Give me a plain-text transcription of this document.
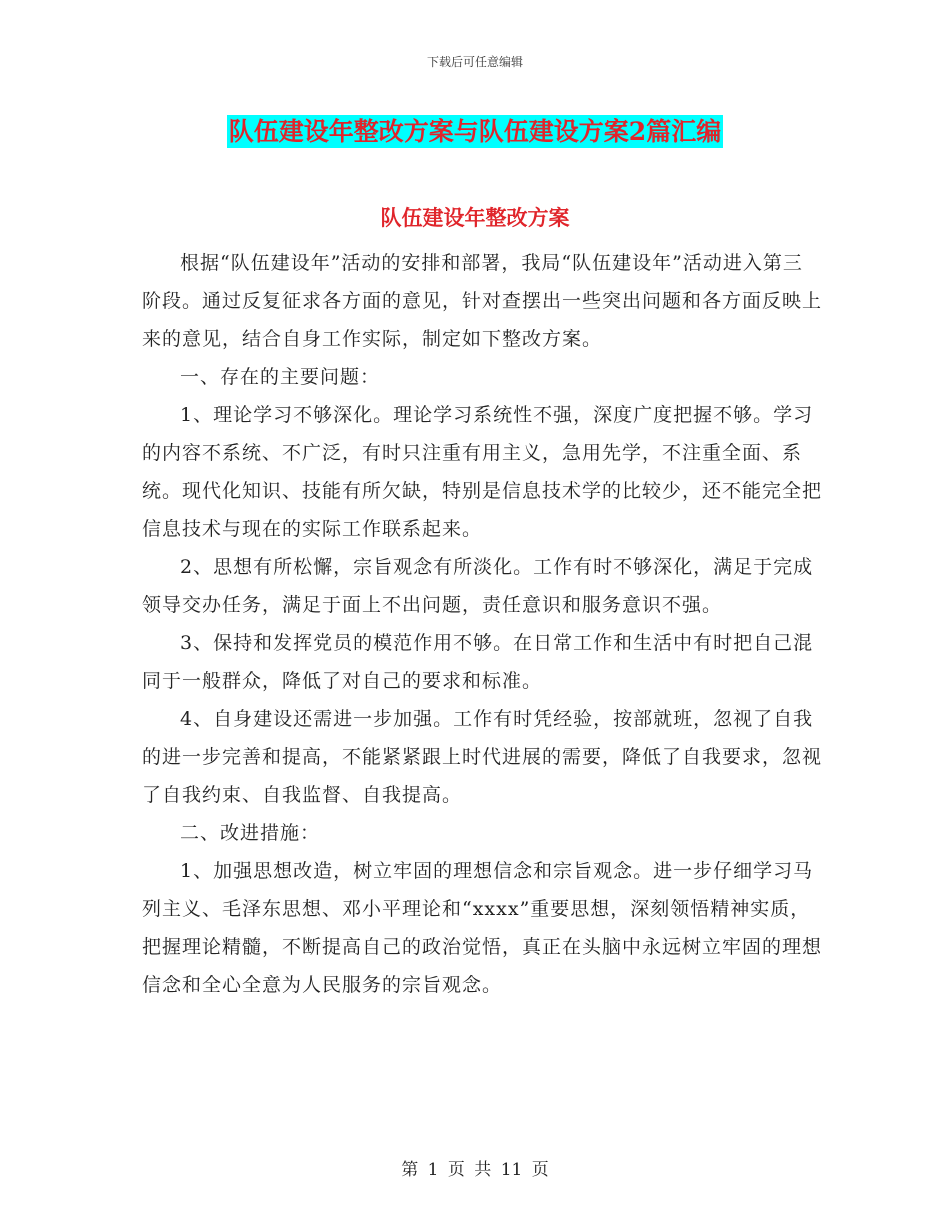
下载后可任意编辑
队伍建设年整改方案与队伍建设方案2篇汇编
队伍建设年整改方案

根据“队伍建设年”活动的安排和部署，我局“队伍建设年”活动进入第三阶段。通过反复征求各方面的意见，针对查摆出一些突出问题和各方面反映上来的意见，结合自身工作实际，制定如下整改方案。

一、存在的主要问题：

1、理论学习不够深化。理论学习系统性不强，深度广度把握不够。学习的内容不系统、不广泛，有时只注重有用主义，急用先学，不注重全面、系统。现代化知识、技能有所欠缺，特别是信息技术学的比较少，还不能完全把信息技术与现在的实际工作联系起来。

2、思想有所松懈，宗旨观念有所淡化。工作有时不够深化，满足于完成领导交办任务，满足于面上不出问题，责任意识和服务意识不强。

3、保持和发挥党员的模范作用不够。在日常工作和生活中有时把自己混同于一般群众，降低了对自己的要求和标准。

4、自身建设还需进一步加强。工作有时凭经验，按部就班，忽视了自我的进一步完善和提高，不能紧紧跟上时代进展的需要，降低了自我要求，忽视了自我约束、自我监督、自我提高。

二、改进措施：

1、加强思想改造，树立牢固的理想信念和宗旨观念。进一步仔细学习马列主义、毛泽东思想、邓小平理论和“xxxx”重要思想，深刻领悟精神实质，把握理论精髓，不断提高自己的政治觉悟，真正在头脑中永远树立牢固的理想信念和全心全意为人民服务的宗旨观念。

第 1 页 共 11 页
